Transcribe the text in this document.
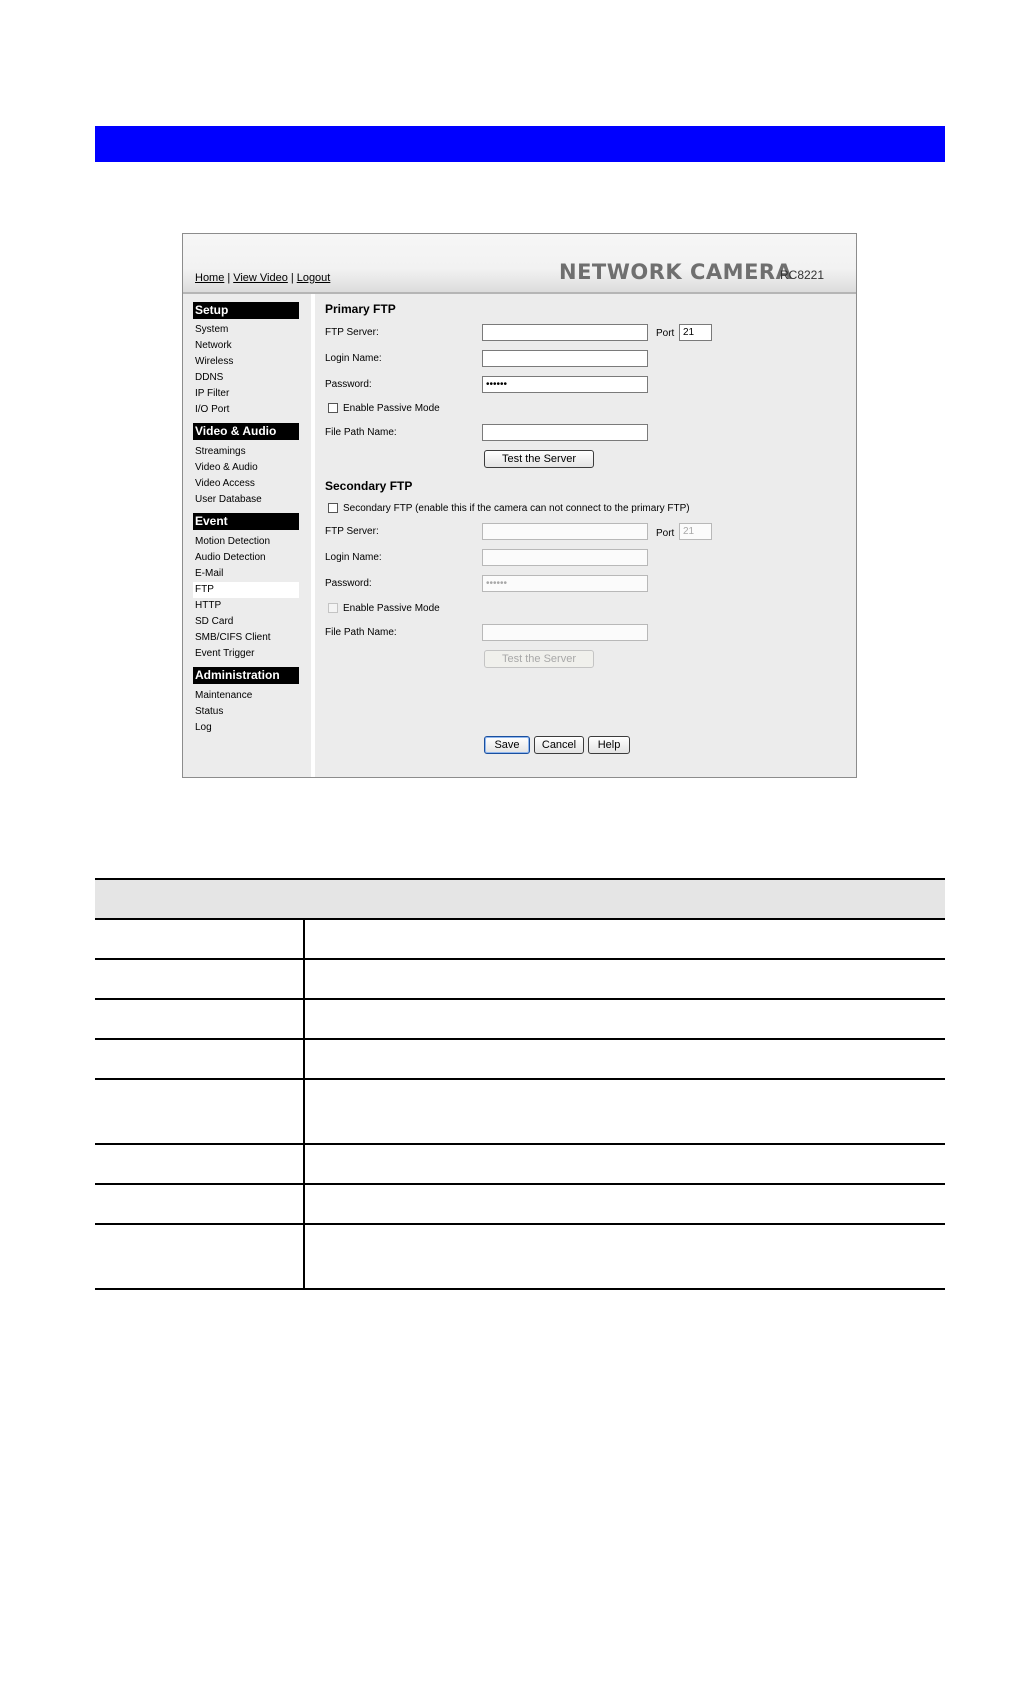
Home | View Video | Logout	NETWORK CAMERA
RC8221
Setup
System
Network
Wireless
DDNS
IP Filter
I/O Port
Video & Audio
Streamings
Video & Audio
Video Access
User Database
Event
Motion Detection
Audio Detection
E-Mail
FTP
HTTP
SD Card
SMB/CIFS Client
Event Trigger
Administration
Maintenance
Status
Log
Primary FTP
FTP Server:	Port
21
Login Name:
Password:	••••••
Enable Passive Mode
File Path Name:
Test the Server
Secondary FTP
Secondary FTP (enable this if the camera can not connect to the primary FTP)
FTP Server:	Port
21
Login Name:
Password:	••••••
Enable Passive Mode
File Path Name:
Test the Server
Save	Cancel	Help
